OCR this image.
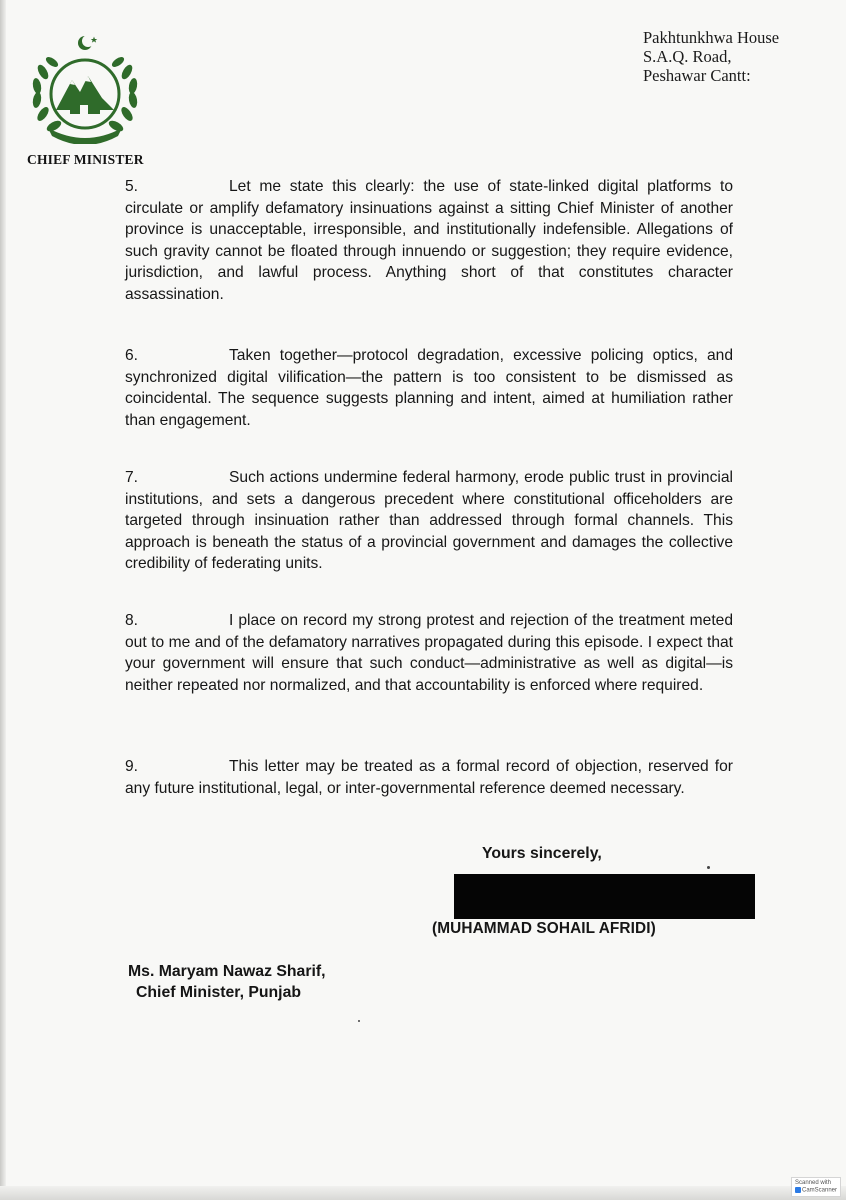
CHIEF MINISTER
Pakhtunkhwa House
S.A.Q. Road,
Peshawar Cantt:
5.	Let me state this clearly: the use of state-linked digital platforms to circulate or amplify defamatory insinuations against a sitting Chief Minister of another province is unacceptable, irresponsible, and institutionally indefensible. Allegations of such gravity cannot be floated through innuendo or suggestion; they require evidence, jurisdiction, and lawful process. Anything short of that constitutes character assassination.
6.	Taken together—protocol degradation, excessive policing optics, and synchronized digital vilification—the pattern is too consistent to be dismissed as coincidental. The sequence suggests planning and intent, aimed at humiliation rather than engagement.
7.	Such actions undermine federal harmony, erode public trust in provincial institutions, and sets a dangerous precedent where constitutional officeholders are targeted through insinuation rather than addressed through formal channels. This approach is beneath the status of a provincial government and damages the collective credibility of federating units.
8.	I place on record my strong protest and rejection of the treatment meted out to me and of the defamatory narratives propagated during this episode. I expect that your government will ensure that such conduct—administrative as well as digital—is neither repeated nor normalized, and that accountability is enforced where required.
9.	This letter may be treated as a formal record of objection, reserved for any future institutional, legal, or inter-governmental reference deemed necessary.
Yours sincerely,
(MUHAMMAD SOHAIL AFRIDI)
Ms. Maryam Nawaz Sharif,
Chief Minister, Punjab
Scanned with
CamScanner
